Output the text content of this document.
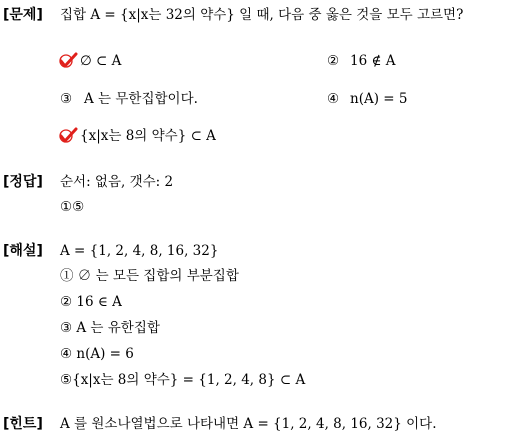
[문제] 집합 A = {x|x는 32의 약수} 일 때, 다음 중 옳은 것을 모두 고르면?
∅ ⊂ A	② 16 ∉ A
③ A 는 무한집합이다.	④ n(A) = 5
{x|x는 8의 약수} ⊂ A
[정답] 순서: 없음, 갯수: 2
①⑤
[해설] A = {1, 2, 4, 8, 16, 32}
① ∅ 는 모든 집합의 부분집합
② 16 ∈ A
③ A 는 유한집합
④ n(A) = 6
⑤{x|x는 8의 약수} = {1, 2, 4, 8} ⊂ A
[힌트] A 를 원소나열법으로 나타내면 A = {1, 2, 4, 8, 16, 32} 이다.
